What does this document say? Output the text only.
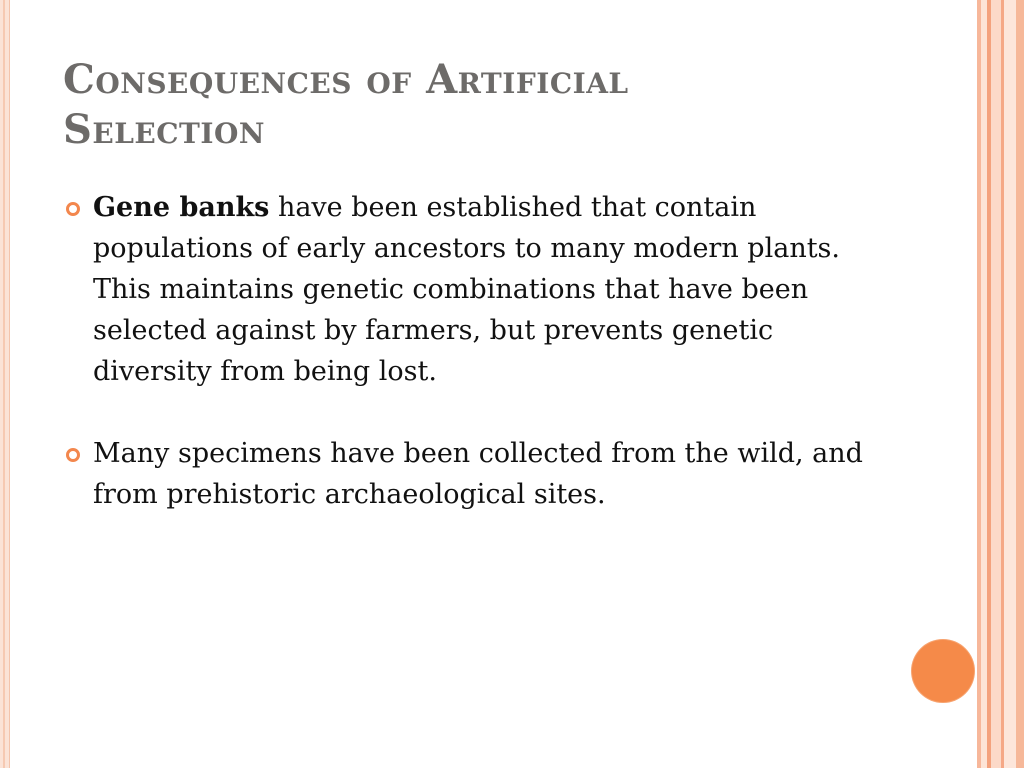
Consequences of Artificial
Selection
Gene banks have been established that contain populations of early ancestors to many modern plants. This maintains genetic combinations that have been selected against by farmers, but prevents genetic diversity from being lost.
Many specimens have been collected from the wild, and from prehistoric archaeological sites.
